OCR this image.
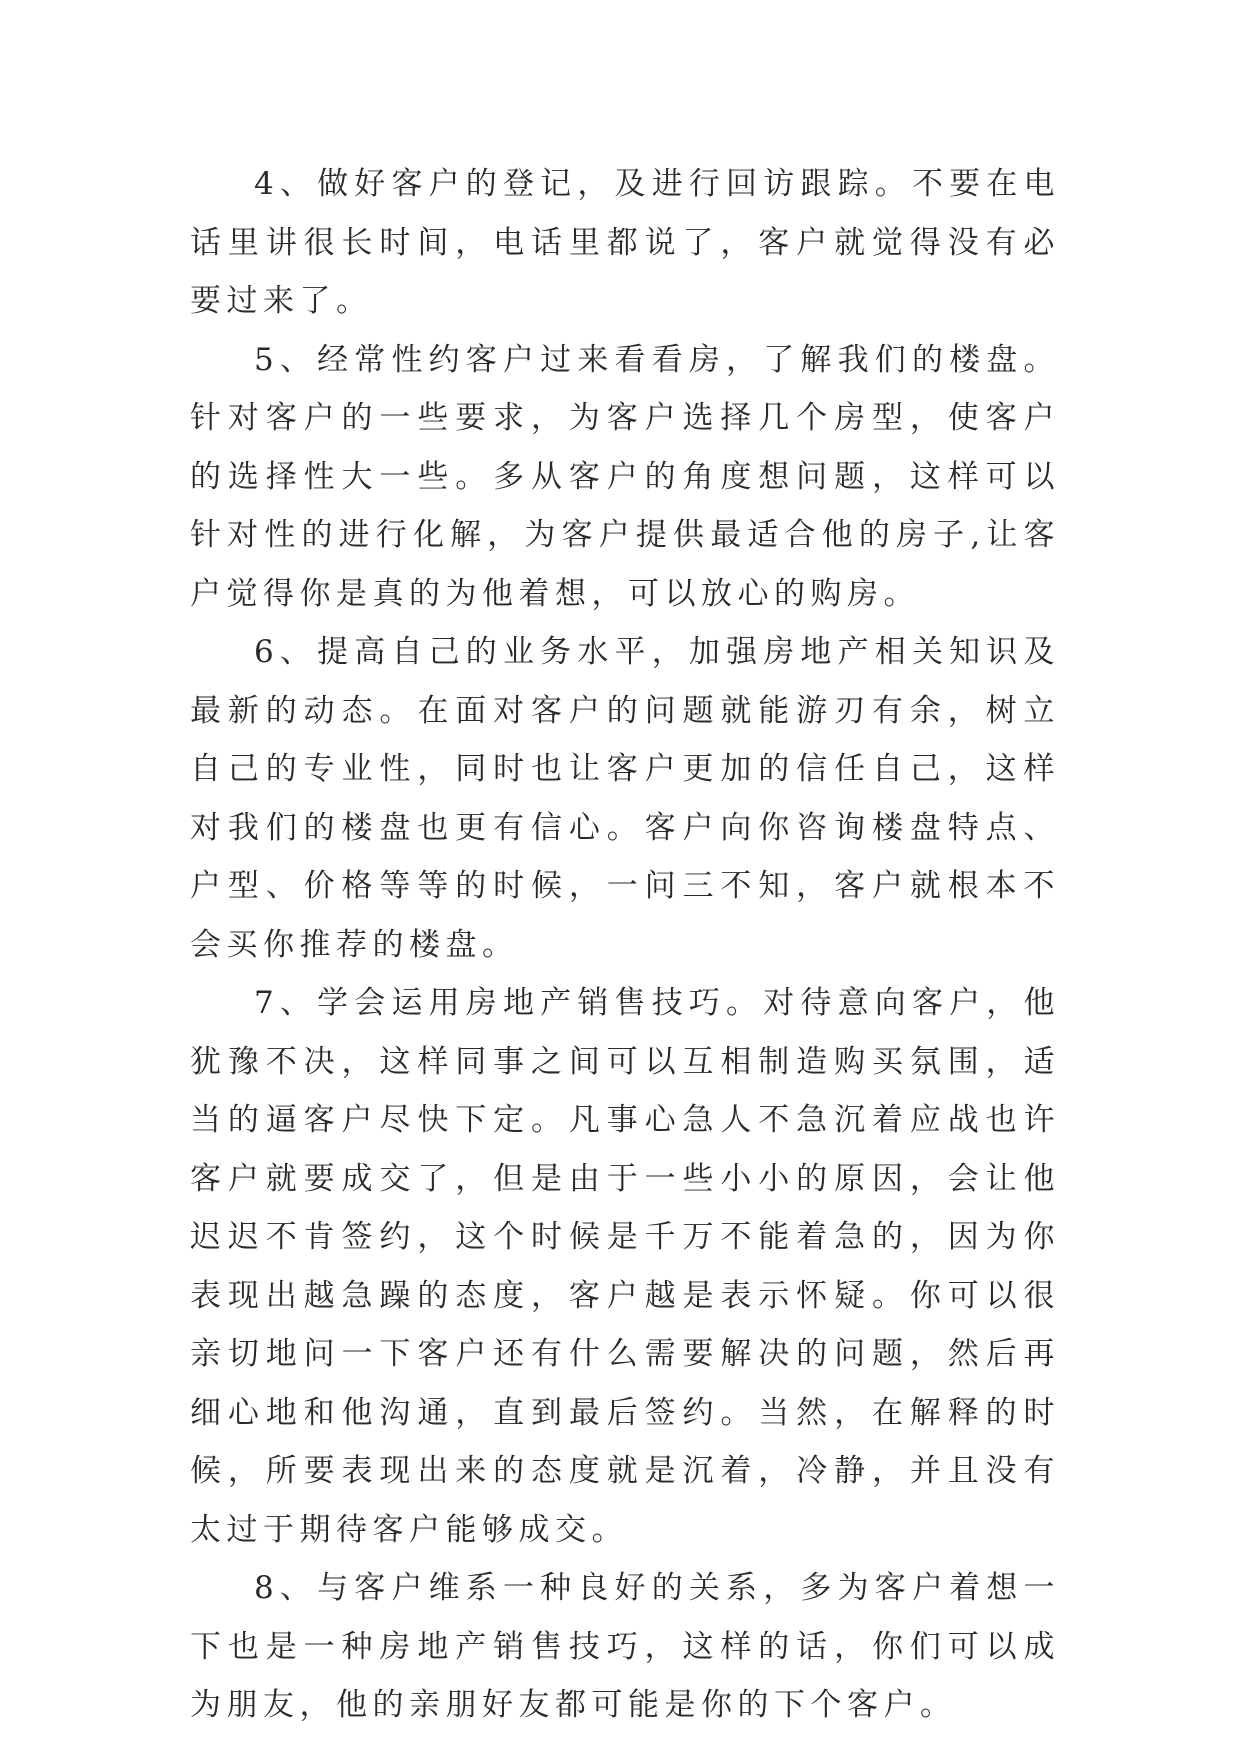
4、做好客户的登记，及进行回访跟踪。不要在电话里讲很长时间，电话里都说了，客户就觉得没有必要过来了。

5、经常性约客户过来看看房，了解我们的楼盘。针对客户的一些要求，为客户选择几个房型，使客户的选择性大一些。多从客户的角度想问题，这样可以针对性的进行化解，为客户提供最适合他的房子,让客户觉得你是真的为他着想，可以放心的购房。

6、提高自己的业务水平，加强房地产相关知识及最新的动态。在面对客户的问题就能游刃有余，树立自己的专业性，同时也让客户更加的信任自己，这样对我们的楼盘也更有信心。客户向你咨询楼盘特点、户型、价格等等的时候，一问三不知，客户就根本不会买你推荐的楼盘。

7、学会运用房地产销售技巧。对待意向客户，他犹豫不决，这样同事之间可以互相制造购买氛围，适当的逼客户尽快下定。凡事心急人不急沉着应战也许客户就要成交了，但是由于一些小小的原因，会让他迟迟不肯签约，这个时候是千万不能着急的，因为你表现出越急躁的态度，客户越是表示怀疑。你可以很亲切地问一下客户还有什么需要解决的问题，然后再细心地和他沟通，直到最后签约。当然，在解释的时候，所要表现出来的态度就是沉着，冷静，并且没有太过于期待客户能够成交。

8、与客户维系一种良好的关系，多为客户着想一下也是一种房地产销售技巧，这样的话，你们可以成为朋友，他的亲朋好友都可能是你的下个客户。
